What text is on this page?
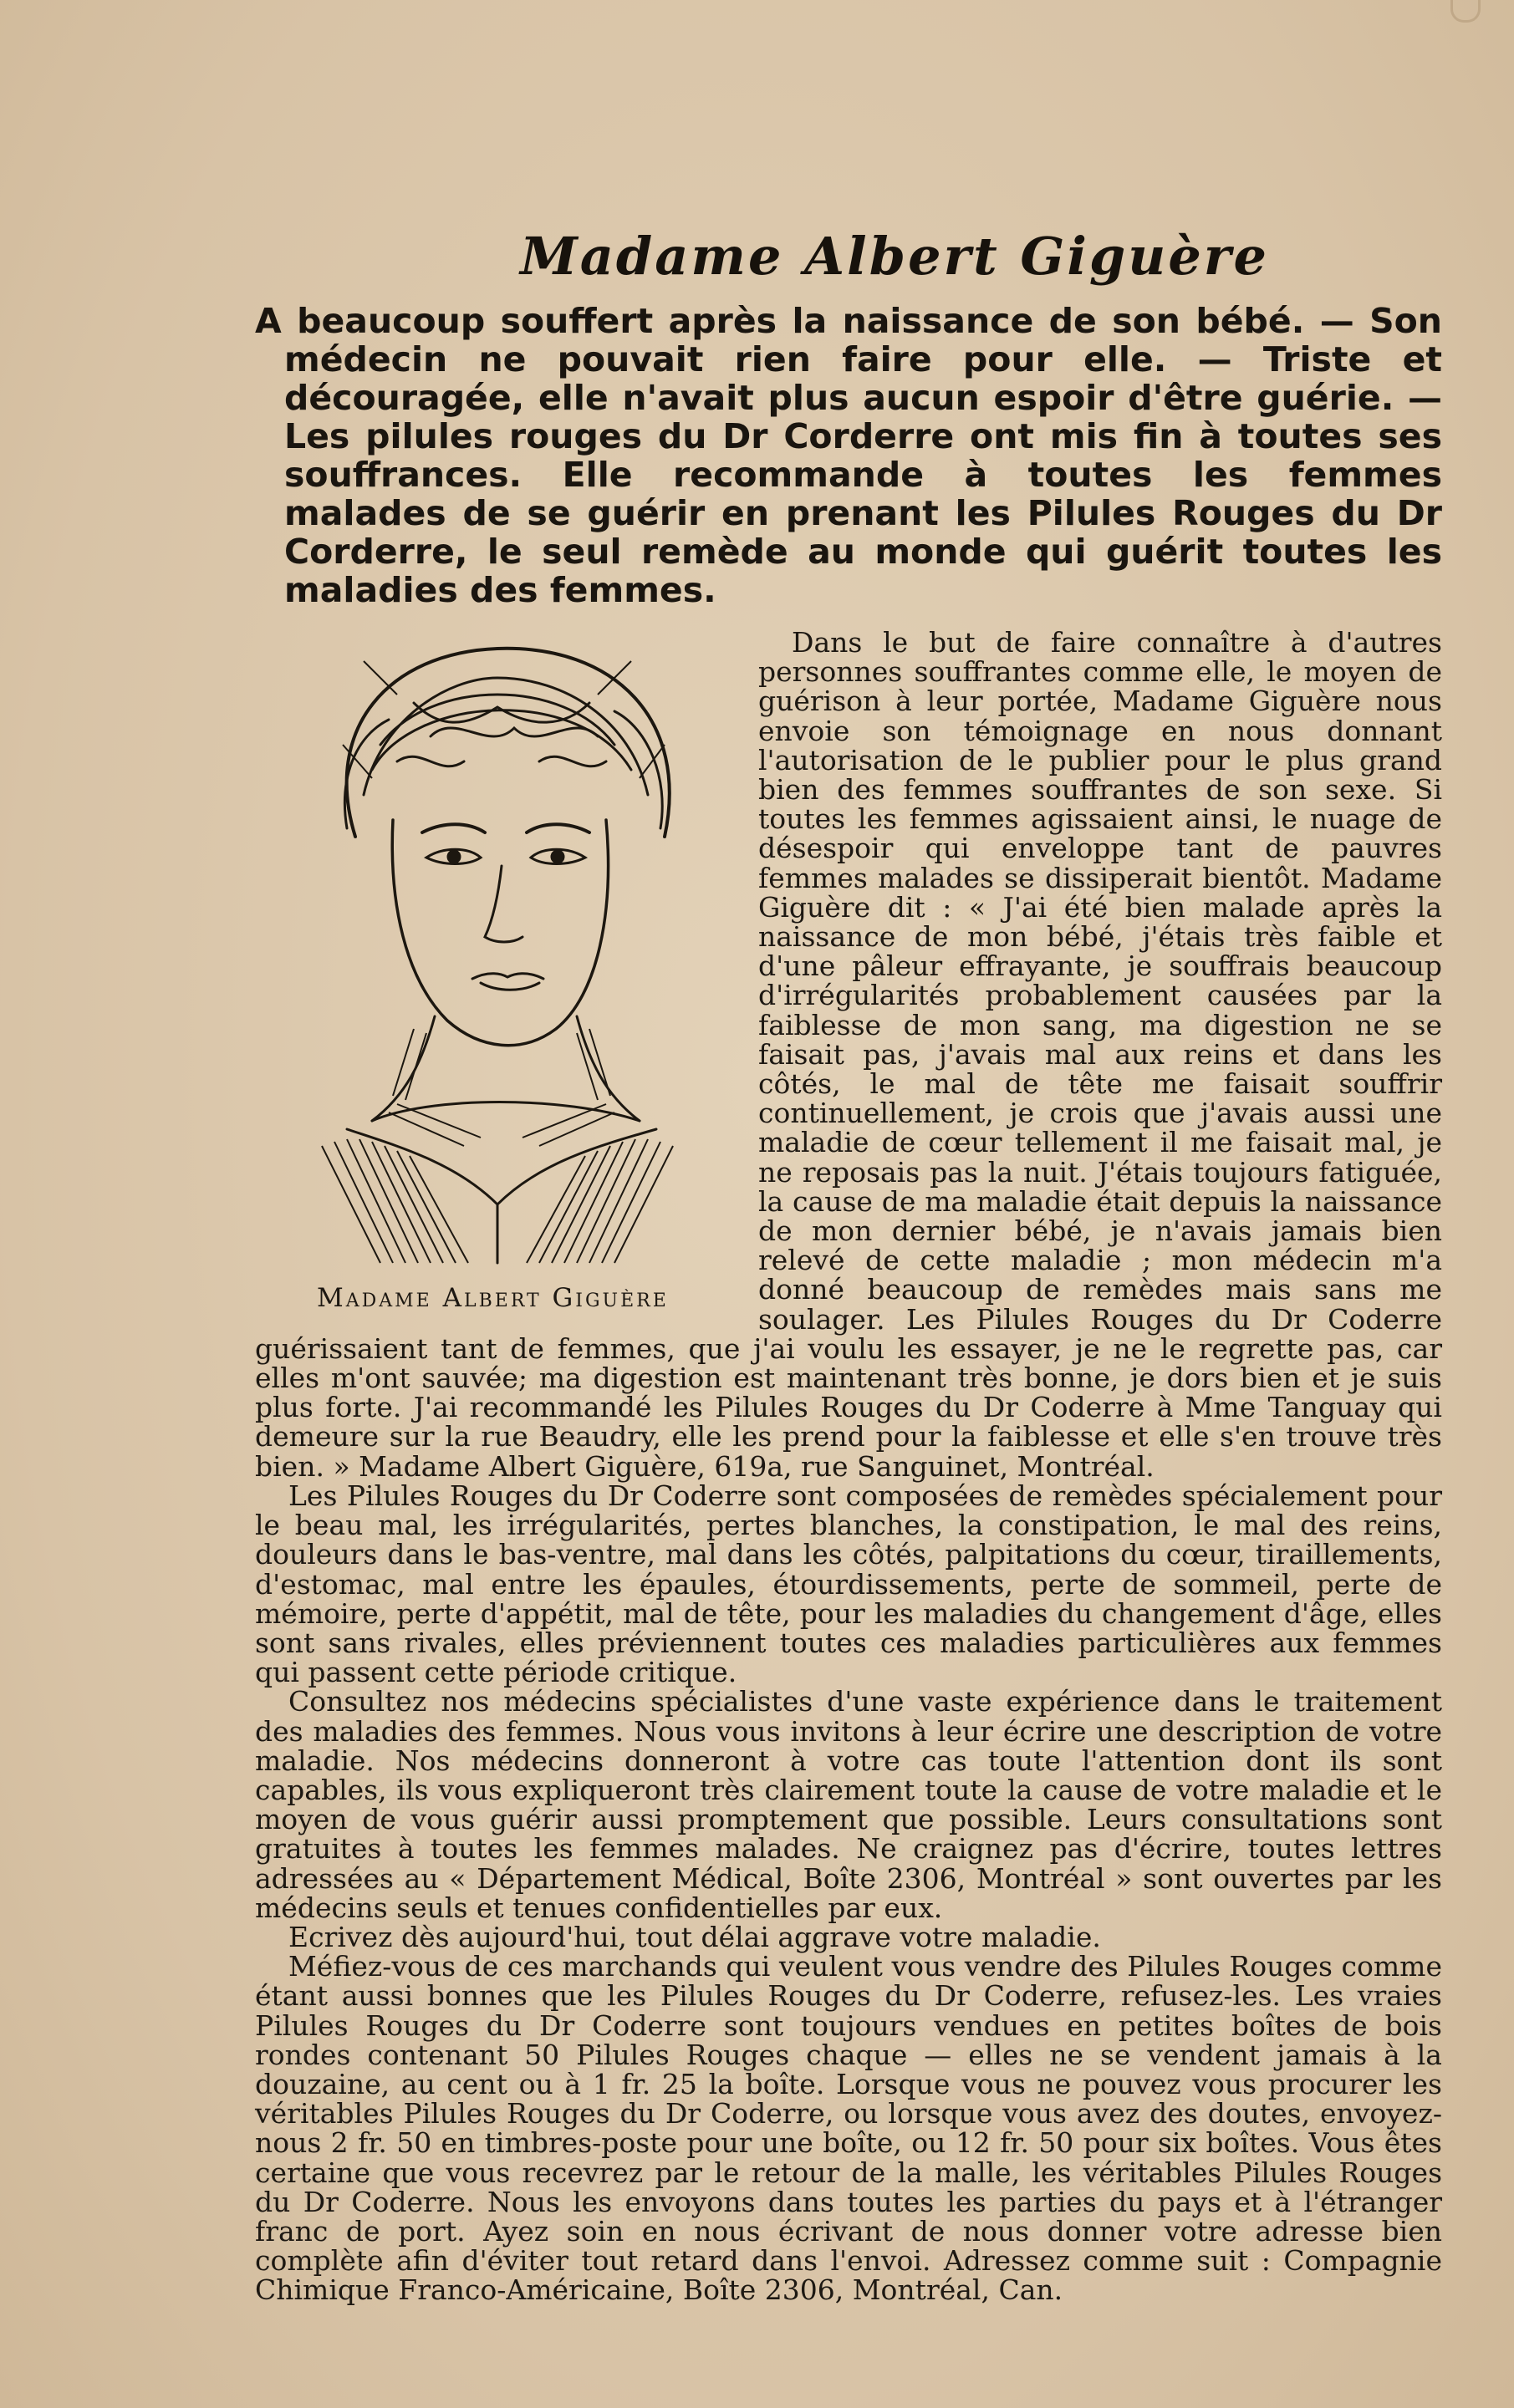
Madame Albert Giguère

A beaucoup souffert après la naissance de son bébé. — Son médecin ne pouvait rien faire pour elle. — Triste et découragée, elle n'avait plus aucun espoir d'être guérie. — Les pilules rouges du Dr Corderre ont mis fin à toutes ses souffrances. Elle recommande à toutes les femmes malades de se guérir en prenant les Pilules Rouges du Dr Corderre, le seul remède au monde qui guérit toutes les maladies des femmes.

Madame Albert Giguère

Dans le but de faire connaître à d'autres personnes souffrantes comme elle, le moyen de guérison à leur portée, Madame Giguère nous envoie son témoignage en nous donnant l'autorisation de le publier pour le plus grand bien des femmes souffrantes de son sexe. Si toutes les femmes agissaient ainsi, le nuage de désespoir qui enveloppe tant de pauvres femmes malades se dissiperait bientôt. Madame Giguère dit : « J'ai été bien malade après la naissance de mon bébé, j'étais très faible et d'une pâleur effrayante, je souffrais beaucoup d'irrégularités probablement causées par la faiblesse de mon sang, ma digestion ne se faisait pas, j'avais mal aux reins et dans les côtés, le mal de tête me faisait souffrir continuellement, je crois que j'avais aussi une maladie de cœur tellement il me faisait mal, je ne reposais pas la nuit. J'étais toujours fatiguée, la cause de ma maladie était depuis la naissance de mon dernier bébé, je n'avais jamais bien relevé de cette maladie ; mon médecin m'a donné beaucoup de remèdes mais sans me soulager. Les Pilules Rouges du Dr Coderre guérissaient tant de femmes, que j'ai voulu les essayer, je ne le regrette pas, car elles m'ont sauvée; ma digestion est maintenant très bonne, je dors bien et je suis plus forte. J'ai recommandé les Pilules Rouges du Dr Coderre à Mme Tanguay qui demeure sur la rue Beaudry, elle les prend pour la faiblesse et elle s'en trouve très bien. » Madame Albert Giguère, 619a, rue Sanguinet, Montréal.

Les Pilules Rouges du Dr Coderre sont composées de remèdes spécialement pour le beau mal, les irrégularités, pertes blanches, la constipation, le mal des reins, douleurs dans le bas-ventre, mal dans les côtés, palpitations du cœur, tiraillements, d'estomac, mal entre les épaules, étourdissements, perte de sommeil, perte de mémoire, perte d'appétit, mal de tête, pour les maladies du changement d'âge, elles sont sans rivales, elles préviennent toutes ces maladies particulières aux femmes qui passent cette période critique.

Consultez nos médecins spécialistes d'une vaste expérience dans le traitement des maladies des femmes. Nous vous invitons à leur écrire une description de votre maladie. Nos médecins donneront à votre cas toute l'attention dont ils sont capables, ils vous expliqueront très clairement toute la cause de votre maladie et le moyen de vous guérir aussi promptement que possible. Leurs consultations sont gratuites à toutes les femmes malades. Ne craignez pas d'écrire, toutes lettres adressées au « Département Médical, Boîte 2306, Montréal » sont ouvertes par les médecins seuls et tenues confidentielles par eux.

Ecrivez dès aujourd'hui, tout délai aggrave votre maladie.

Méfiez-vous de ces marchands qui veulent vous vendre des Pilules Rouges comme étant aussi bonnes que les Pilules Rouges du Dr Coderre, refusez-les. Les vraies Pilules Rouges du Dr Coderre sont toujours vendues en petites boîtes de bois rondes contenant 50 Pilules Rouges chaque — elles ne se vendent jamais à la douzaine, au cent ou à 1 fr. 25 la boîte. Lorsque vous ne pouvez vous procurer les véritables Pilules Rouges du Dr Coderre, ou lorsque vous avez des doutes, envoyez-nous 2 fr. 50 en timbres-poste pour une boîte, ou 12 fr. 50 pour six boîtes. Vous êtes certaine que vous recevrez par le retour de la malle, les véritables Pilules Rouges du Dr Coderre. Nous les envoyons dans toutes les parties du pays et à l'étranger franc de port. Ayez soin en nous écrivant de nous donner votre adresse bien complète afin d'éviter tout retard dans l'envoi. Adressez comme suit : Compagnie Chimique Franco-Américaine, Boîte 2306, Montréal, Can.
